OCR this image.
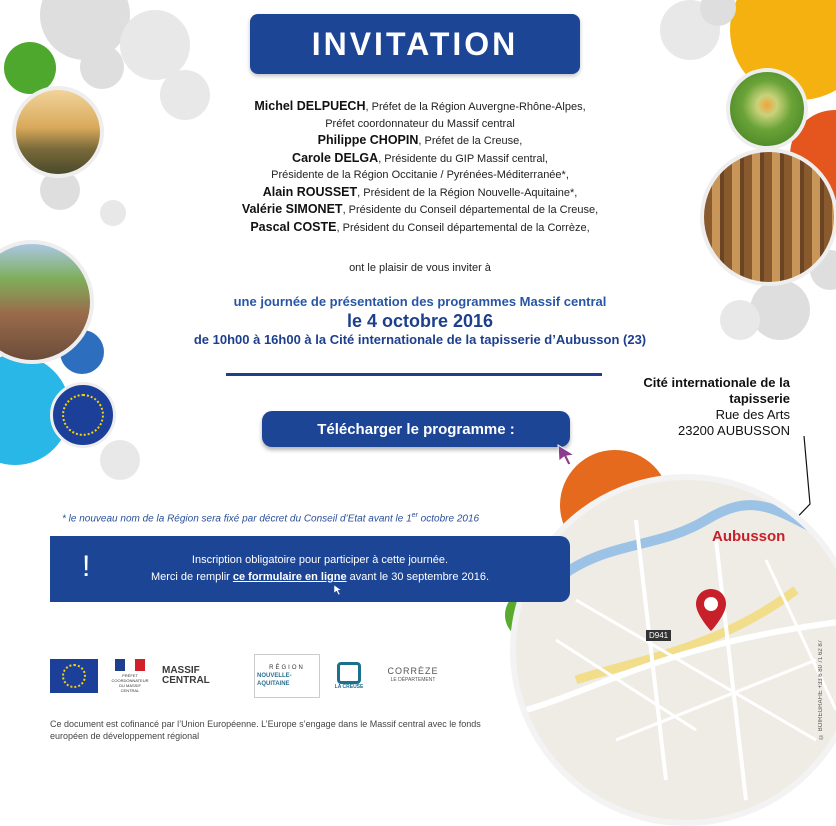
INVITATION
Michel DELPUECH, Préfet de la Région Auvergne-Rhône-Alpes,
Préfet coordonnateur du Massif central
Philippe CHOPIN, Préfet de la Creuse,
Carole DELGA, Présidente du GIP Massif central,
Présidente de la Région Occitanie / Pyrénées-Méditerranée*,
Alain ROUSSET, Président de la Région Nouvelle-Aquitaine*,
Valérie SIMONET, Présidente du Conseil départemental de la Creuse,
Pascal COSTE, Président du Conseil départemental de la Corrèze,
ont le plaisir de vous inviter à
une journée de présentation des programmes Massif central
le 4 octobre 2016
de 10h00 à 16h00 à la Cité internationale de la tapisserie d’Aubusson (23)
Télécharger le programme :
Cité internationale de la tapisserie
Rue des Arts
23200 AUBUSSON
* le nouveau nom de la Région sera fixé par décret du Conseil d’Etat avant le 1er octobre 2016
D941
Aubusson
© BOIREGRAFIE +33 6 80 71 62 87
!	Inscription obligatoire pour participer à cette journée.
Merci de remplir ce formulaire en ligne avant le 30 septembre 2016.
PRÉFET COORDONNATEUR DU MASSIF CENTRAL
MASSIF
CENTRAL
RÉGION
NOUVELLE-AQUITAINE	LA CREUSE
CORRÈZE
LE DÉPARTEMENT
Ce document est cofinancé par l’Union Européenne. L’Europe s’engage dans le Massif central avec le fonds européen de développement régional
